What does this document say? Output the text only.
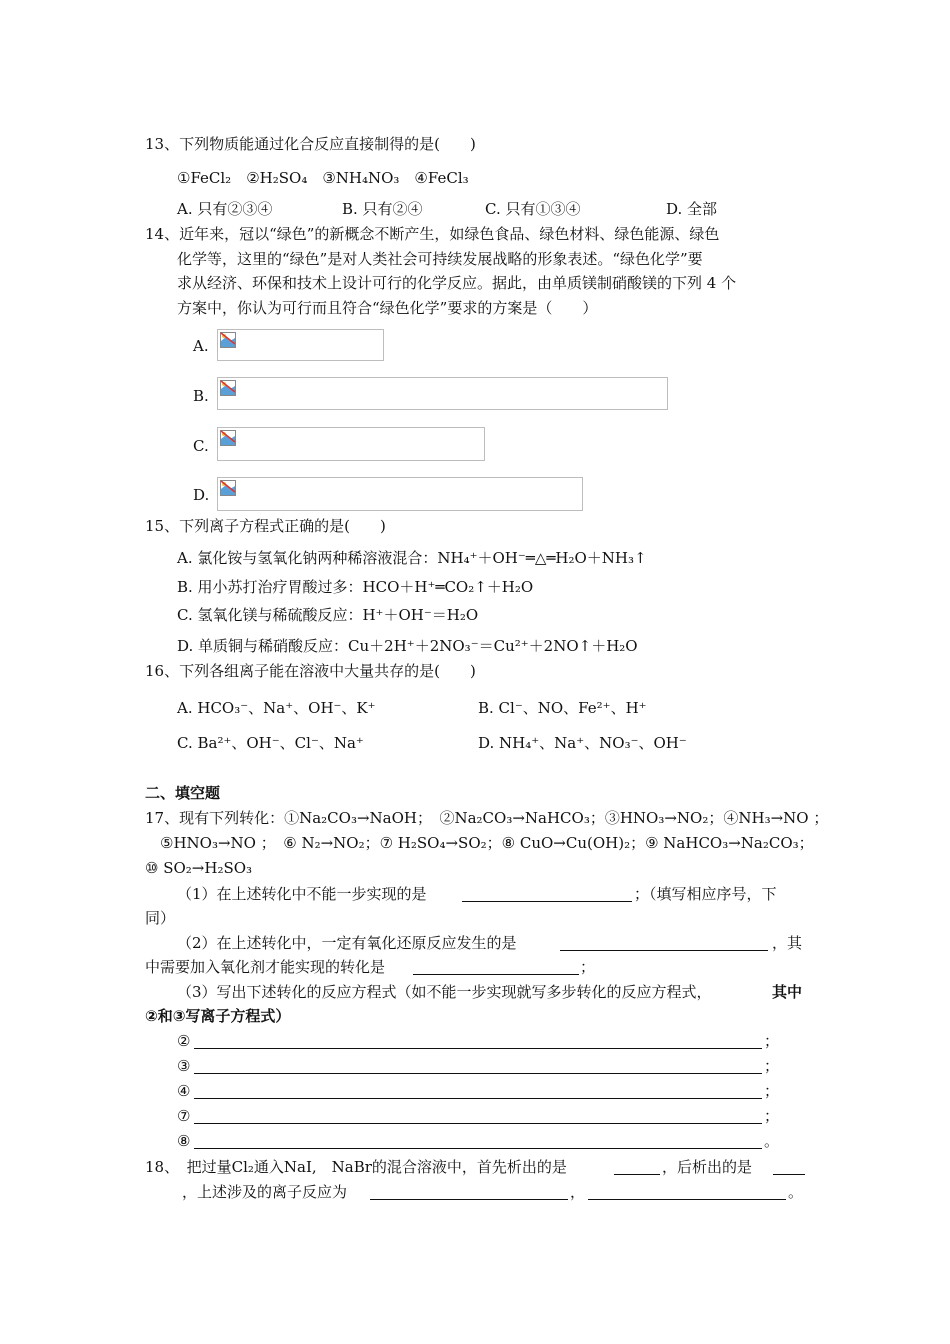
13、下列物质能通过化合反应直接制得的是(　　)
①FeCl₂　②H₂SO₄　③NH₄NO₃　④FeCl₃
A. 只有②③④	B. 只有②④	C. 只有①③④	D. 全部
14、近年来，冠以“绿色”的新概念不断产生，如绿色食品、绿色材料、绿色能源、绿色
化学等，这里的“绿色”是对人类社会可持续发展战略的形象表述。“绿色化学”要
求从经济、环保和技术上设计可行的化学反应。据此，由单质镁制硝酸镁的下列 4 个
方案中，你认为可行而且符合“绿色化学”要求的方案是（　　）
A.
B.
C.
D.
15、下列离子方程式正确的是(　　)
A. 氯化铵与氢氧化钠两种稀溶液混合：NH₄⁺＋OH⁻═△═H₂O＋NH₃↑
B. 用小苏打治疗胃酸过多：HCO＋H⁺═CO₂↑＋H₂O
C. 氢氧化镁与稀硫酸反应：H⁺＋OH⁻＝H₂O
D. 单质铜与稀硝酸反应：Cu＋2H⁺＋2NO₃⁻＝Cu²⁺＋2NO↑＋H₂O
16、下列各组离子能在溶液中大量共存的是(　　)
A. HCO₃⁻、Na⁺、OH⁻、K⁺	B. Cl⁻、NO、Fe²⁺、H⁺
C. Ba²⁺、OH⁻、Cl⁻、Na⁺	D. NH₄⁺、Na⁺、NO₃⁻、OH⁻
二、填空题
17、现有下列转化：①Na₂CO₃→NaOH；　②Na₂CO₃→NaHCO₃；③HNO₃→NO₂；④NH₃→NO ；
⑤HNO₃→NO ；　⑥ N₂→NO₂；⑦ H₂SO₄→SO₂；⑧ CuO→Cu(OH)₂；⑨ NaHCO₃→Na₂CO₃；
⑩ SO₂→H₂SO₃
（1）在上述转化中不能一步实现的是	；（填写相应序号，下
同）
（2）在上述转化中，一定有氧化还原反应发生的是	，其
中需要加入氧化剂才能实现的转化是	；
（3）写出下述转化的反应方程式（如不能一步实现就写多步转化的反应方程式，	其中
②和③写离子方程式）
②	；
③	；
④	；
⑦	；
⑧	。
18、　把过量Cl₂通入NaI,　NaBr的混合溶液中，首先析出的是	，后析出的是
，上述涉及的离子反应为	，	。
